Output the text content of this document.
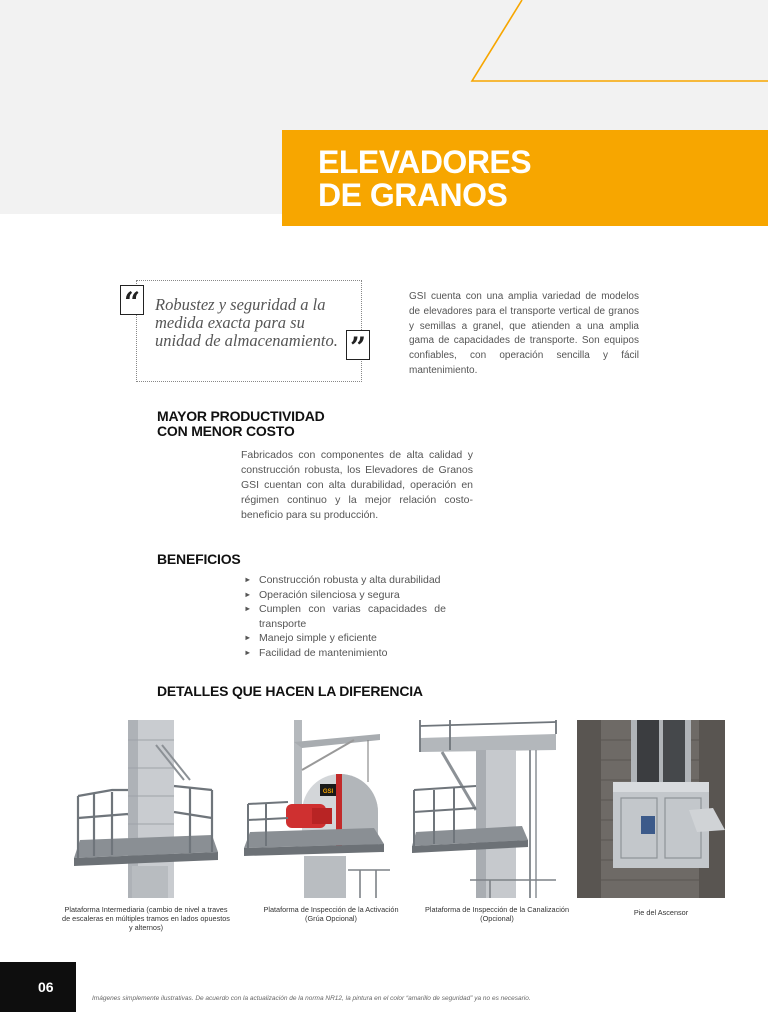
ELEVADORES
DE GRANOS
“
”

Robustez y seguridad a la medida exacta para su unidad de almacenamiento.

GSI cuenta con una amplia variedad de modelos de elevadores para el transporte vertical de granos y semillas a granel, que atienden a una amplia gama de capacidades de transporte. Son equipos confiables, con operación sencilla y fácil mantenimiento.

MAYOR PRODUCTIVIDAD
CON MENOR COSTO

Fabricados con componentes de alta calidad y construcción robusta, los Elevadores de Granos GSI cuentan con alta durabilidad, operación en régimen continuo y la mejor relación costo-beneficio para su producción.

BENEFICIOS
► Construcción robusta y alta durabilidad
► Operación silenciosa y segura
► Cumplen con varias capacidades de transporte
► Manejo simple y eficiente
► Facilidad de mantenimiento
DETALLES QUE HACEN LA DIFERENCIA
GSI

Plataforma Intermediaria (cambio de nivel a traves de escaleras en múltiples tramos en lados opuestos y alternos)

Plataforma de Inspección de la Activación (Grúa Opcional)

Plataforma de Inspección de la Canalización (Opcional)

Pie del Ascensor

06

Imágenes simplemente ilustrativas. De acuerdo con la actualización de la norma NR12, la pintura en el color “amarillo de seguridad” ya no es necesario.
